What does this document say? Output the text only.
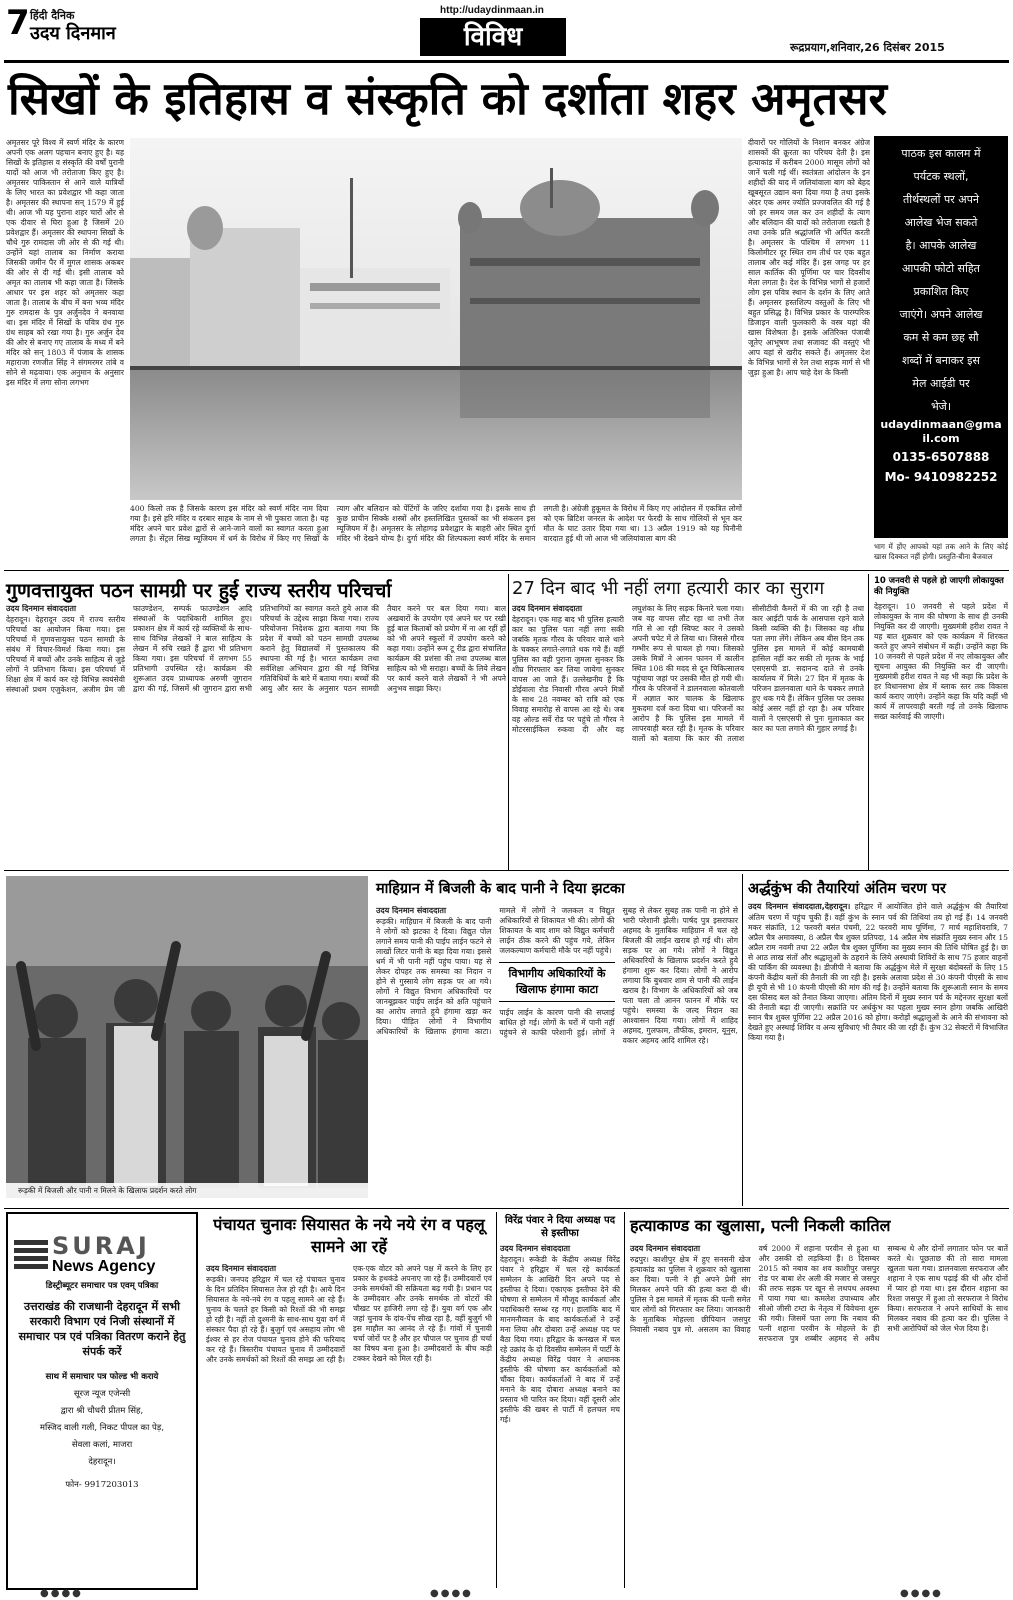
7 हिंदी दैनिक
उदय दिनमान
http://udaydinmaan.in
विविध	रूद्रप्रयाग,शनिवार,26 दिसंबर 2015
सिखों के इतिहास व संस्कृति को दर्शाता शहर अमृतसर
अमृतसर पूरे विश्व में स्वर्ण मंदिर के कारण अपनी एक अलग पहचान बनाए हुए है। यह सिखों के इतिहास व संस्कृति की वर्षों पुरानी यादों को आज भी तरोताजा किए हुए है। अमृतसर पाकिस्तान से आने वाले यात्रियों के लिए भारत का प्रवेशद्वार भी कहा जाता है। अमृतसर की स्थापना सन् 1579 में हुई थी। आज भी यह पुराना शहर चारों ओर से एक दीवार से घिरा हुआ है जिसमें 20 प्रवेशद्वार हैं। अमृतसर की स्थापना सिखों के चौथे गुरु रामदास जी ओर से की गई थी। उन्होंने यहां तालाब का निर्माण कराया जिसकी जमीन पैर में मुगल शासक अकबर की ओर से दी गई थी। इसी तालाब को अमृत का तालाब भी कहा जाता है। जिसके आधार पर इस शहर को अमृतसर कहा जाता है। तालाब के बीच में बना भव्य मंदिर गुरु रामदास के पुत्र अर्जुनदेव ने बनवाया था। इस मंदिर में सिखों के पवित्र ग्रंथ गुरु ग्रंथ साहब को रखा गया है। गुरु अर्जुन देव की ओर से बनाए गए तालाब के मध्य में बने मंदिर को सन् 1803 में पंजाब के शासक महाराजा रणजीत सिंह ने संगमरमर तांबे व सोने से मढ़वाया। एक अनुमान के अनुसार इस मंदिर में लगा सोना लगभग
400 किलो तक है जिसके कारण इस मंदिर को स्वर्ण मंदिर नाम दिया गया है। इसे हरि मंदिर व दरबार साहब के नाम से भी पुकारा जाता है। यह मंदिर अपने चार प्रवेश द्वारों से आने-जाने वालों का स्वागत करता हुआ लगता है। सेंट्रल सिख म्यूजियम में धर्म के विरोध में किए गए सिखों के त्याग और बलिदान को पेंटिंगों के जरिए दर्शाया गया है। इसके साथ ही कुछ प्राचीन सिक्के शस्त्रों और हस्तलिखित पुस्तकों का भी संकलन इस म्यूजियम में है। अमृतसर के लोहागढ़ प्रवेशद्वार के बाहरी ओर स्थित दुर्गा मंदिर भी देखने योग्य है। दुर्गा मंदिर की शिल्पकला स्वर्ण मंदिर के समान लगती है। अंग्रेजी हुकूमत के विरोध में किए गए आंदोलन में एकत्रित लोगों को एक ब्रिटिश जनरल के आदेश पर फेरदी के साथ गोलियों से भून कर मौत के घाट उतार दिया गया था। 13 अप्रैल 1919 को यह घिनौनी वारदात हुई थी जो आज भी जलियांवाला बाग की
दीवारों पर गोलियों के निशान बनकर अंग्रेज शासकों की क्रूरता का परिचय देती है। इस हत्याकांड में करीबन 2000 मासूम लोगों को जानें चली गई थीं। स्वतंत्रता आंदोलन के इन शहीदों की याद में जलियांवाला बाग को बेहद खूबसूरत उद्यान बना दिया गया है तथा इसके अंदर एक अमर ज्योति प्रज्जवलित की गई है जो हर समय जल कर उन शहीदों के त्याग और बलिदान की यादों को तरोताजा रखती है तथा उनके प्रति श्रद्धांजलि भी अर्पित करती है। अमृतसर के पश्चिम में लगभग 11 किलोमीटर दूर स्थित राम तीर्थ पर एक बहुत तालाब और कई मंदिर हैं। इस जगह पर हर साल कार्तिक की पूर्णिमा पर चार दिवसीय मेला लगता है। देश के विभिन्न भागों से हजारों लोग इस पवित्र स्थान के दर्शन के लिए आते हैं। अमृतसर हस्तशिल्प वस्तुओं के लिए भी बहुत प्रसिद्ध है। विभिन्न प्रकार के पारम्परिक डिजाइन वाली फुलकारी के वस्त्र यहां की खास विशेषता है। इसके अतिरिक्त पंजाबी जूतेए आभूषण तथा सजावट की वस्तुएं भी आप यहां से खरीद सकते हैं। अमृतसर देश के विभिन्न भागों से रेल तथा सड़क मार्ग से भी जुड़ा हुआ है। आप चाहे देश के किसी
पाठक इस कालम में
पर्यटक स्थलों,
तीर्थस्थलों पर अपने
आलेख भेज सकते
है। आपके आलेख
आपकी फोटो सहित
प्रकाशित किए
जाएंगे। अपने आलेख
कम से कम छह सौ
शब्दों में बनाकर इस
मेल आईडी पर
भेजे।
udaydinmaan@gmail.com
0135-6507888
Mo- 9410982252
भाग में होंए आपको यहां तक आने के लिए कोई खास दिक्कत नहीं होगी। प्रस्तुति-बीना बैजवाल
गुणवत्तायुक्त पठन सामग्री पर हुई राज्य स्तरीय परिचर्चा
उदय दिनमान संवाददाता
देहरादून। देहरादून उदय में राज्य स्तरीय परिचर्चा का आयोजन किया गया। इस परिचर्चा में गुणवत्तायुक्त पठन सामग्री के संबंध में विचार-विमर्श किया गया। इस परिचर्चा में बच्चों और उनके साहित्य से जुड़े लोगों ने प्रतिभाग किया। इस परिचर्चा में शिक्षा क्षेत्र में कार्य कर रहे विभिन्न स्वयंसेवी संस्थाओं प्रथम एजुकेशन, अजीम प्रेम जी फाउण्डेशन, सम्पर्क फाउण्डेशन आदि संस्थाओं के पदाधिकारी शामिल हुए। प्रकाशन क्षेत्र में कार्य रहे व्यक्तियों के साथ-साथ विभिन्न लेखकों ने बाल साहित्य के लेखन में रुचि रखते हैं द्वारा भी प्रतिभाग किया गया। इस परिचर्चा में लगभग 55 प्रतिभागी उपस्थित रहे। कार्यक्रम की शुरूआत उदय प्राध्यापक अरुणी जुगरान द्वारा की गई, जिसमें श्री जुगरान द्वारा सभी प्रतिभागियों का स्वागत करते हुये आज की परिचर्चा के उद्देश्य साझा किया गया। राज्य परियोजना निदेशक द्वारा बताया गया कि प्रदेश में बच्चों को पठन सामग्री उपलब्ध कराने हेतु विद्यालयों में पुस्तकालय की स्थापना की गई है। भारत कार्यक्रम तथा सर्वशिक्षा अभियान द्वारा की गई विभिन्न गतिविधियों के बारे में बताया गया। बच्चों की आयु और स्तर के अनुसार पठन सामग्री तैयार करने पर बल दिया गया। बाल अखबारों के उपयोग एवं अपने घर पर रखी हुई बाल किताबों को प्रयोग में ना आ रहीं हों को भी अपने स्कूलों में उपयोग करने को कहा गया। उन्होंने रूम टू रीड द्वारा संचालित कार्यक्रम की प्रशंसा की तथा उपलब्ध बाल साहित्य को भी सराहा। बच्चों के लिये लेखन पर कार्य करने वाले लेखकों ने भी अपने अनुभव साझा किए।
27 दिन बाद भी नहीं लगा हत्यारी कार का सुराग
उदय दिनमान संवाददाता
देहरादून। एक माह बाद भी पुलिस हत्यारी कार का पुलिस पता नहीं लगा सकी जबकि मृतक गौरव के परिवार वाले थाने के चक्कर लगाते-लगाते थक गये हैं। वहीं पुलिस का वही पुराना जुमला सुनकर कि शीघ्र गिरफ्तार कर लिया जायेगा सुनकर वापस आ जाते हैं। उल्लेखनीय है कि डोईवाला रोड निवासी गौरव अपने मित्रों के साथ 28 नवम्बर को रात्रि को एक विवाह समारोह से वापस आ रहे थे। जब वह ओल्ड सर्वे रोड पर पहुंचे तो गौरव ने मोटरसाईकिल रुकवा दी और वह लघुशंका के लिए सड़क किनारे चला गया। जब वह वापस लौट रहा था तभी तेज गति से आ रही स्विफ्ट कार ने उसको अपनी चपेट में ले लिया था। जिससे गौरव गम्भीर रूप से घायल हो गया। जिसको उसके मित्रों ने आनन फानन में कालीन स्थित 108 की मदद से दून चिकित्सालय पहुंचाया जहां पर उसकी मौत हो गयी थी। गौरव के परिजनों ने डालनवाला कोतवाली में अज्ञात कार चालक के खिलाफ मुकदमा दर्ज करा दिया था। परिजनों का आरोप है कि पुलिस इस मामले में लापरवाही बरत रही है। मृतक के परिवार वालों को बताया कि कार की तलाश सीसीटीवी कैमरों में की जा रही है तथा कार आईटी पार्क के आसपास रहने वाले किसी व्यक्ति की है। जिसका वह शीघ्र पता लगा लेंगे। लेकिन अब बीस दिन तक पुलिस इस मामले में कोई कामयाबी हासिल नहीं कर सकी तो मृतक के भाई एसएसपी डा. सदानन्द दाते से उनके कार्यालय में मिले। 27 दिन में मृतक के परिजन डालनवाला थाने के चक्कर लगाते हुए थक गये हैं। लेकिन पुलिस पर उसका कोई असर नहीं हो रहा है। अब परिवार वालों ने एसएसपी से पुनः मुलाकात कर कार का पता लगाने की गुहार लगाई है।
10 जनवरी से पहले हो जाएगी लोकायुक्त की नियुक्ति
देहरादून। 10 जनवरी से पहले प्रदेश में लोकायुक्त के नाम की घोषणा के साथ ही उनकी नियुक्ति कर दी जाएगी। मुख्यमंत्री हरीश रावत ने यह बात शुक्रवार को एक कार्यक्रम में शिरकत करते हुए अपने संबोधन में कही। उन्होंने कहा कि 10 जनवरी से पहले प्रदेश में नए लोकायुक्त और सूचना आयुक्त की नियुक्ति कर दी जाएगी। मुख्यमंत्री हरीश रावत ने यह भी कहा कि प्रदेश के हर विधानसभा क्षेत्र में ब्लाक स्तर तक विकास कार्य कराए जाएंगे। उन्होंने कहा कि यदि कहीं भी कार्य में लापरवाही बरती गई तो उनके खिलाफ सख्त कार्रवाई की जाएगी।
रूड़की में बिजली और पानी न मिलने के खिलाफ प्रदर्शन करते लोग
माहिग्रान में बिजली के बाद पानी ने दिया झटका
उदय दिनमान संवाददाता
रूड़की। माहिग्रान में बिजली के बाद पानी ने लोगों को झटका दे दिया। विद्युत पोल लगाने समय पानी की पाईप लाईन फटने से लाखों लिटर पानी के बहा दिया गया। इससे धर्म में भी पानी नहीं पहुंच पाया। यह से लेकर दोपहर तक समस्या का निदान न होने से गुस्साये लोग सड़क पर आ गये। लोगों ने विद्युत विभाग अधिकारियों पर जानबूझकर पाईप लाईन को क्षति पहुंचाने का आरोप लगाते हुये हंगामा खड़ा कर दिया। पीड़ित लोगों ने विभागीय अधिकारियों के खिलाफ हंगामा काटा। मामले में लोगों ने जलकल व विद्युत अधिकारियों से शिकायत भी की। लोगों की शिकायत के बाद शाम को विद्युत कर्मचारी लाईन ठीक करने की पहुंच गये, लेकिन जलकल्याण कर्मचारी मौके पर नहीं पहुंचे।
विभागीय अधिकारियों के खिलाफ हंगामा काटा
पाईप लाईन के कारण पानी की सप्लाई बाधित हो गई। लोगों के घरों में पानी नहीं पहुंचने से काफी परेशानी हुई। लोगों ने सुबह से लेकर सुबह तक पानी ना होने से भारी परेशानी झेली। पार्षद पुत्र इसराफार अहमद के मुताबिक माहिग्रान में चल रहे बिजली की लाईन खराब हो गई थी। लोग सड़क पर आ गये। लोगों ने विद्युत अधिकारियों के खिलाफ प्रदर्शन करते हुये हंगामा शुरू कर दिया। लोगों ने आरोप लगाया कि बुधवार शाम से पानी की लाईन खराब है। विभाग के अधिकारियों को जब पता चला तो आनन फानन में मौके पर पहुंचे। समस्या के जल्द निदान का आश्वासन दिया गया। लोगों में शाहिद अहमद, गुलफाम, तौफीक, इमरान, यूनुस, वकार अहमद आदि शामिल रहे।
अर्द्धकुंभ की तैयारियां अंतिम चरण पर
उदय दिनमान संवाददाता,देहरादून। हरिद्वार में आयोजित होने वाले अर्द्धकुंभ की तैयारियां अंतिम चरण में पहुंच चुकी हैं। वहीं कुंभ के स्नान पर्व की तिथियां तय हो गई हैं। 14 जनवरी मकर संक्रांति, 12 फरवरी बसंत पंचमी, 22 फरवरी माघ पूर्णिमा, 7 मार्च महाशिवरात्रि, 7 अप्रैल चैत्र अमावस्या, 8 अप्रैल चैत्र शुक्ल प्रतिपदा, 14 अप्रैल मेष संक्रांति मुख्य स्नान और 15 अप्रैल राम नवमी तथा 22 अप्रैल चैत्र शुक्ल पूर्णिमा का मुख्य स्नान की तिथि घोषित हुई है। छः से आठ लाख संतों और श्रद्धालुओं के ठहराने के लिये अस्थायी शिविरों के साथ 75 हजार वाहनों की पार्किंग की व्यवस्था है। डीजीपी ने बताया कि अर्द्धकुंभ मेले में सुरक्षा बंदोबस्तों के लिए 15 कंपनी केंद्रीय बलों की तैनाती की जा रही है। इसके अलावा प्रदेश से 30 कंपनी पीएसी के साथ ही यूपी से भी 10 कंपनी पीएसी की मांग की गई है। उन्होंने बताया कि शुरूआती स्नान के समय दस फीसद बल को तैनात किया जाएगा। अंतिम दिनों में मुख्य स्नान पर्व के मद्देनजर सुरक्षा बलों की तैनाती बढ़ा दी जाएगी। सक्रांति पर अर्धकुंभ का पहला मुख्य स्नान होगा जबकि आखिरी स्नान चैत्र शुक्ल पूर्णिमा 22 अप्रैल 2016 को होगा। करोड़ों श्रद्धालुओं के आने की संभावना को देखते हुए अस्थाई शिविर व अन्य सुविधाएं भी तैयार की जा रही हैं। कुंभ 32 सेक्टरों में विभाजित किया गया है।
SURAJ
News Agency

डिस्ट्रीब्यूटर समाचार पत्र एवम् पत्रिका

उत्तराखंड की राजधानी देहरादून में सभी सरकारी विभाग एवं निजी संस्थानों में समाचार पत्र एवं पत्रिका वितरण कराने हेतु संपर्क करें

साथ में समाचार पत्र फोल्ड भी कराये

सूरज न्यूज एजेन्सी

द्वारा श्री चौधरी प्रीतम सिंह,

मस्जिद वाली गली, निकट पीपल का पेड़,

सेवला कलां, माजरा

देहरादून।

फोन- 9917203013

पंचायत चुनावः सियासत के नये नये रंग व पहलू सामने आ रहें
उदय दिनमान संवाददाता
रूड़की। जनपद हरिद्वार में चल रहे पंचायत चुनाव के दिन प्रतिदिन सियासत तेज हो रही है। आये दिन सियासत के नये-नये रंग व पहलू सामने आ रहे हैं। चुनाव के चलते हर किसी को रिश्तों की भी समझ हो रही है। नहीं तो दुश्मनी के साथ-साथ युवा वर्ग में संस्कार पैदा हो रहे हैं। बुजुर्ग एवं असहाय लोग भी ईश्वर से हर रोज पंचायत चुनाव होने की फरियाद कर रहे हैं। त्रिस्तरीय पंचायत चुनाव में उम्मीदवारों और उनके समर्थकों को रिश्तों की समझ आ रही है। एक-एक वोटर को अपने पक्ष में करने के लिए हर प्रकार के हथकंडे अपनाए जा रहे हैं। उम्मीदवारों एवं उनके समर्थकों की सक्रियता बढ़ गयी है। प्रधान पद के उम्मीदवार और उनके समर्थक तो वोटरों की चौखट पर हाजिरी लगा रहे हैं। युवा वर्ग एक और जहां चुनाव के दांव-पेंच सीख रहा है, वहीं बुजुर्ग भी इस माहौल का आनंद ले रहे हैं। गांवों में चुनावी चर्चा जोरों पर है और हर चौपाल पर चुनाव ही चर्चा का विषय बना हुआ है। उम्मीदवारों के बीच कड़ी टक्कर देखने को मिल रही है।
विरेंद्र पंवार ने दिया अध्यक्ष पद से इस्तीफा
उदय दिनमान संवाददाता
देहरादून। रूकेडी के केंद्रीय अध्यक्ष विरेंद्र पंवार ने हरिद्वार में चल रहे कार्यकर्ता सम्मेलन के आखिरी दिन अपने पद से इस्तीफा दे दिया। एकाएक इस्तीफा देने की घोषणा से सम्मेलन में मौजूद कार्यकर्ता और पदाधिकारी स्तब्ध रह गए। हालांकि बाद में मानमनौव्वल के बाद कार्यकर्ताओं ने उन्हें मना लिया और दोबारा उन्हें अध्यक्ष पद पर बैठा दिया गया। हरिद्वार के कनखल में चल रहे उक्रांद के दो दिवसीय सम्मेलन में पार्टी के केंद्रीय अध्यक्ष विरेंद्र पंवार ने अचानक इस्तीफे की घोषणा कर कार्यकर्ताओं को चौंका दिया। कार्यकर्ताओं ने बाद में उन्हें मनाने के बाद दोबारा अध्यक्ष बनाने का प्रस्ताव भी पारित कर दिया। वहीं दूसरी ओर इस्तीफे की खबर से पार्टी में हलचल मच गई।
हत्याकाण्ड का खुलासा, पत्नी निकली कातिल
उदय दिनमान संवाददाता
रुद्रपुर। काशीपुर क्षेत्र में हुए सनसनी खेज हत्याकांड का पुलिस ने शुक्रवार को खुलासा कर दिया। पत्नी ने ही अपने प्रेमी संग मिलकर अपने पति की हत्या करा दी थी। पुलिस ने इस मामले में मृतक की पत्नी समेत चार लोगों को गिरफ्तार कर लिया। जानकारी के मुताबिक मोहल्ला छीपियान जसपुर निवासी नबाव पुत्र मो. असलम का विवाह वर्ष 2000 में शहाना परवीन से हुआ था और उसकी दो लड़कियां हैं। 8 दिसम्बर 2015 को नबाव का शव काशीपुर जसपुर रोड पर बाबा शेर अली की मजार से जसपुर की तरफ सड़क पर खून से लथपथ अवस्था में पाया गया था। कमलेश उपाध्याय और सीओ जीसी टम्टा के नेतृत्व में विवेचना शुरू की गयी। जिसमें पता लगा कि नबाव की पत्नी शहाना परवीन के मोहल्ले के ही सरफराज पुत्र शब्बीर अहमद से अवैध सम्बन्ध थे और दोनों लगातार फोन पर बातें करते थे। पूछताछ की तो सारा मामला खुलता चला गया। डालनवाला सरफराज और शहाना ने एक साथ पढ़ाई की थी और दोनों में प्यार हो गया था। इस दौरान शहाना का रिश्ता जसपुर में हुआ तो सरफराज ने विरोध किया। सरफराज ने अपने साथियों के साथ मिलकर नबाव की हत्या कर दी। पुलिस ने सभी आरोपियों को जेल भेज दिया है।
●●●●	●●●●	●●●●
